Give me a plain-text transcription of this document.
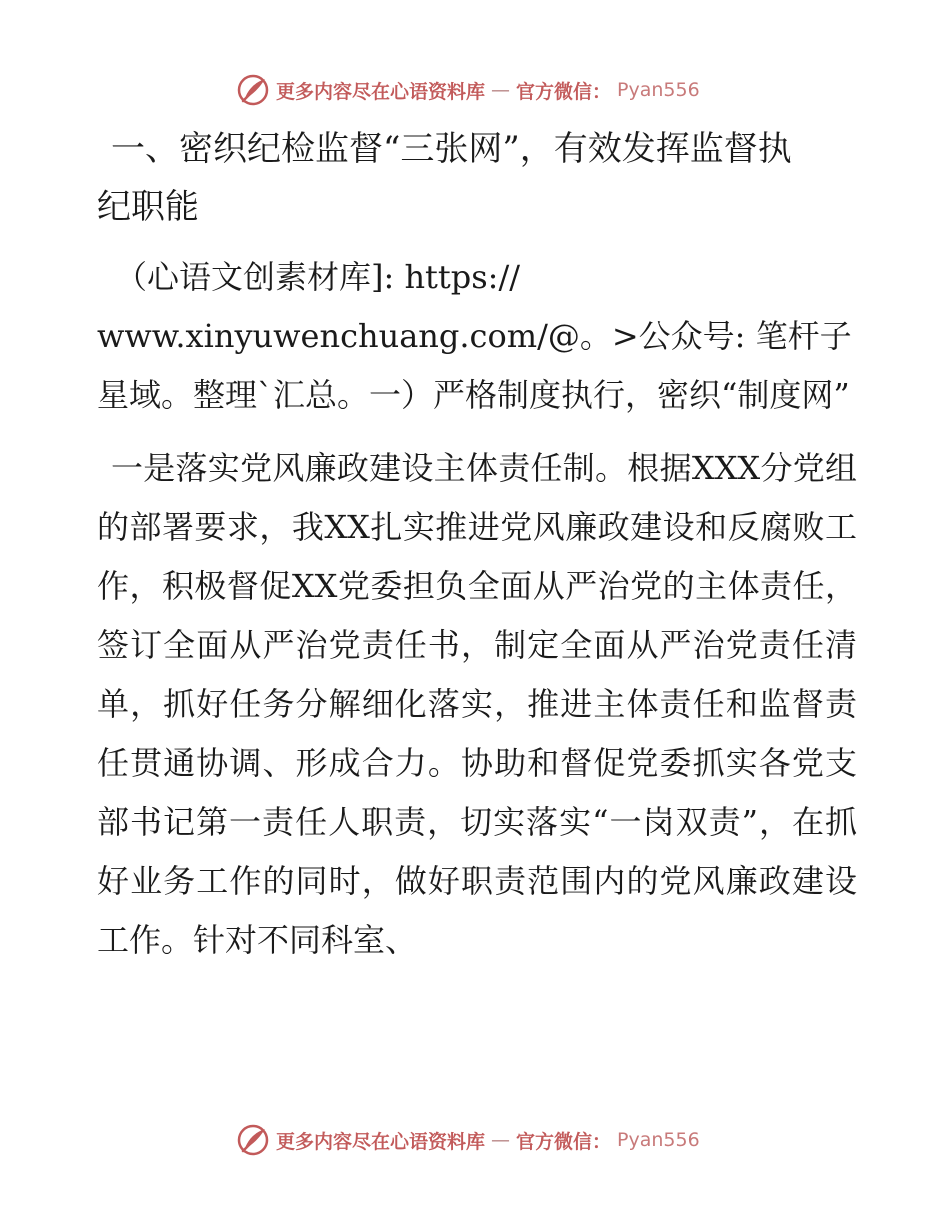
更多内容尽在心语资料库 — 官方微信： Pyan556
一、密织纪检监督“三张网”，有效发挥监督执
纪职能
（心语文创素材库]: https://
www.xinyuwenchuang.com/@。>公众号: 笔杆子星域。整理`汇总。一）严格制度执行，密织“制度网”

一是落实党风廉政建设主体责任制。根据XXX分党组的部署要求，我XX扎实推进党风廉政建设和反腐败工作，积极督促XX党委担负全面从严治党的主体责任，签订全面从严治党责任书，制定全面从严治党责任清单，抓好任务分解细化落实，推进主体责任和监督责任贯通协调、形成合力。协助和督促党委抓实各党支部书记第一责任人职责，切实落实“一岗双责”，在抓好业务工作的同时，做好职责范围内的党风廉政建设工作。针对不同科室、

更多内容尽在心语资料库 — 官方微信： Pyan556
